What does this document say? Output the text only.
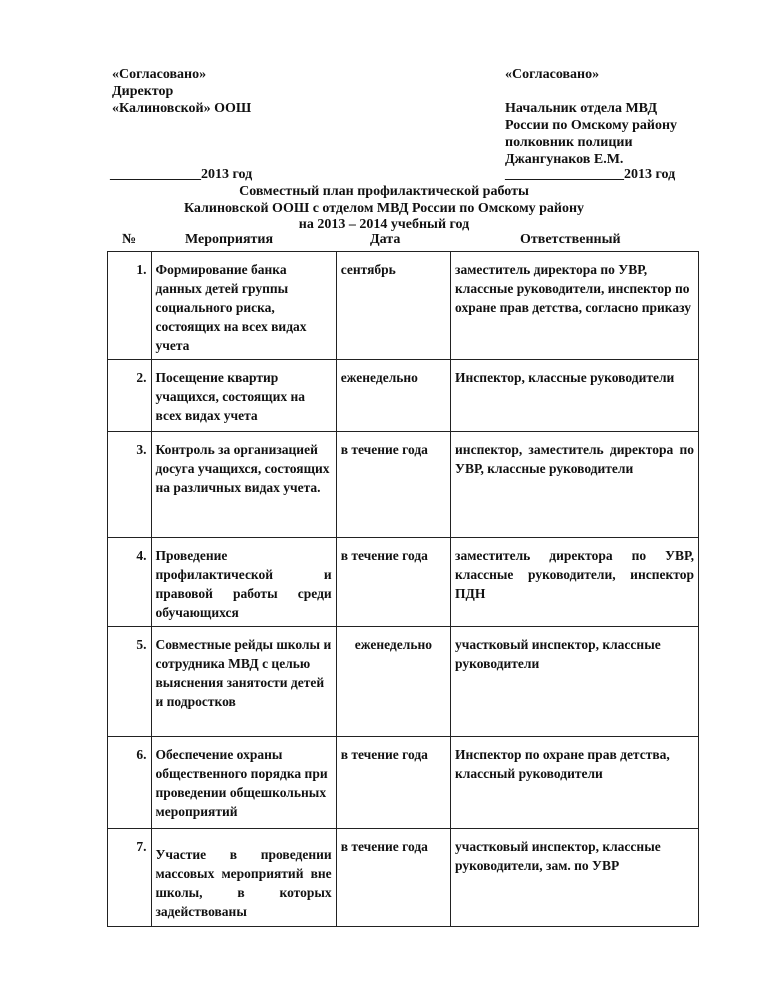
«Согласовано»
Директор
«Калиновской» ООШ
«Согласовано»
Начальник отдела МВД
России по Омскому району
полковник полиции
Джангунаков Е.М.
_____________2013 год	_________________2013 год
Совместный план профилактической работы
Калиновской ООШ с отделом МВД России по Омскому району
на 2013 – 2014 учебный год
№	Мероприятия	Дата	Ответственный
1.	Формирование банка данных детей группы социального риска, состоящих на всех видах учета	сентябрь	заместитель директора по УВР, классные руководители, инспектор по охране прав детства, согласно приказу
2.	Посещение квартир учащихся, состоящих на всех видах учета	еженедельно	Инспектор, классные руководители
3.	Контроль за организацией досуга учащихся, состоящих на различных видах учета.	в течение года	инспектор, заместитель директора по УВР, классные руководители
4.	Проведение профилактической и правовой работы среди обучающихся	в течение года	заместитель директора по УВР, классные руководители, инспектор ПДН
5.	Совместные рейды школы и сотрудника МВД с целью выяснения занятости детей и подростков	еженедельно	участковый инспектор, классные руководители
6.	Обеспечение охраны общественного порядка при проведении общешкольных мероприятий	в течение года	Инспектор по охране прав детства, классный руководители
7.	Участие в проведении массовых мероприятий вне школы, в которых задействованы	в течение года	участковый инспектор, классные руководители, зам. по УВР
